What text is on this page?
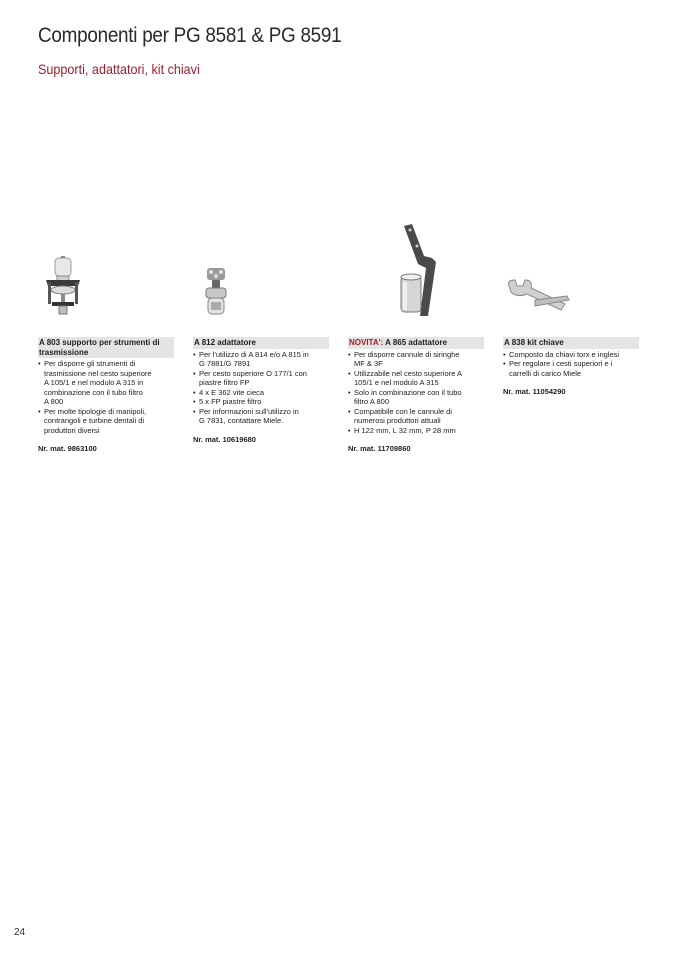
Componenti per PG 8581 & PG 8591
Supporti, adattatori, kit chiavi
A 803 supporto per strumenti di trasmissione
• Per disporre gli strumenti di
trasmissione nel cesto superiore
A 105/1 e nel modulo A 315 in
combinazione con il tubo filtro
A 800
• Per molte tipologie di manipoli,
contrangoli e turbine dentali di
produttori diversi
Nr. mat. 9863100
A 812 adattatore
• Per l'utilizzo di A 814 e/o A 815 in
G 7881/G 7891
• Per cesto superiore O 177/1 con
piastre filtro FP
• 4 x E 362 vite cieca
• 5 x FP piastre filtro
• Per informazioni sull'utilizzo in
G 7831, contattare Miele.
Nr. mat. 10619680
NOVITA': A 865 adattatore
• Per disporre cannule di siringhe
MF & 3F
• Utilizzabile nel cesto superiore A
105/1 e nel modulo A 315
• Solo in combinazione con il tubo
filtro A 800
• Compatibile con le cannule di
numerosi produttori attuali
• H 122 mm, L 32 mm, P 28 mm
Nr. mat. 11709860
A 838 kit chiave
• Composto da chiavi torx e inglesi
• Per regolare i cesti superiori e i
carrelli di carico Miele
Nr. mat. 11054290
24
